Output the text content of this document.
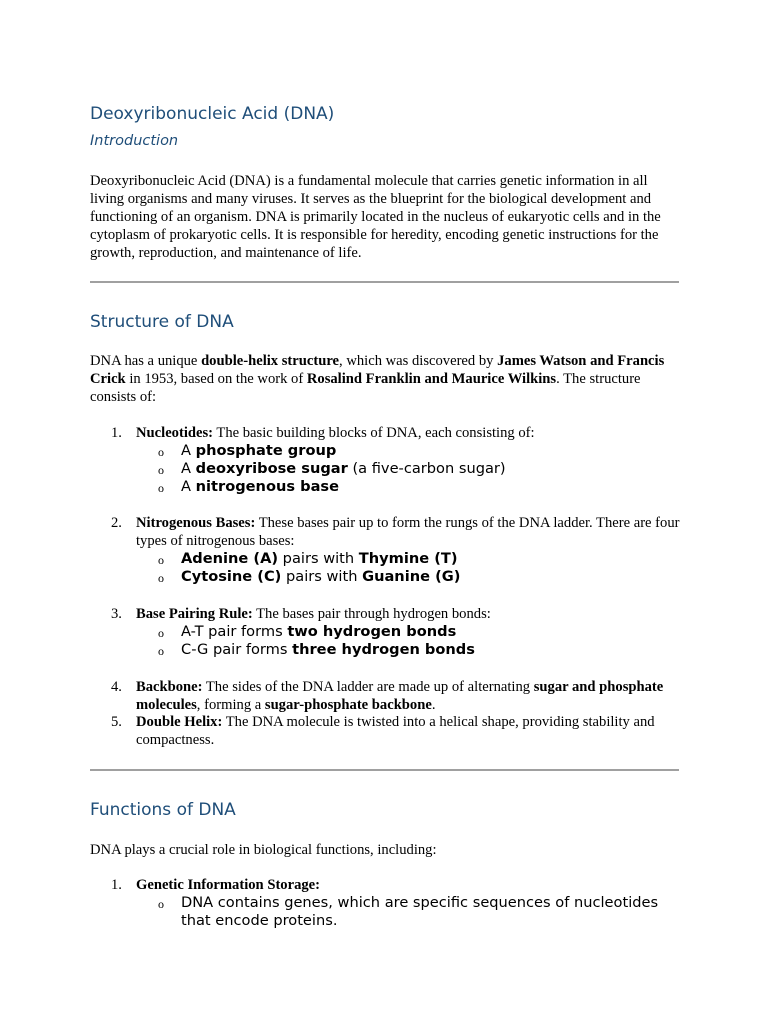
Deoxyribonucleic Acid (DNA)
Introduction

Deoxyribonucleic Acid (DNA) is a fundamental molecule that carries genetic information in all living organisms and many viruses. It serves as the blueprint for the biological development and functioning of an organism. DNA is primarily located in the nucleus of eukaryotic cells and in the cytoplasm of prokaryotic cells. It is responsible for heredity, encoding genetic instructions for the growth, reproduction, and maintenance of life.

Structure of DNA

DNA has a unique double-helix structure, which was discovered by James Watson and Francis Crick in 1953, based on the work of Rosalind Franklin and Maurice Wilkins. The structure consists of:

1. Nucleotides: The basic building blocks of DNA, each consisting of:
o A phosphate group
o A deoxyribose sugar (a five-carbon sugar)
o A nitrogenous base
2. Nitrogenous Bases: These bases pair up to form the rungs of the DNA ladder. There are four types of nitrogenous bases:
o Adenine (A) pairs with Thymine (T)
o Cytosine (C) pairs with Guanine (G)
3. Base Pairing Rule: The bases pair through hydrogen bonds:
o A-T pair forms two hydrogen bonds
o C-G pair forms three hydrogen bonds
4. Backbone: The sides of the DNA ladder are made up of alternating sugar and phosphate molecules, forming a sugar-phosphate backbone.
5. Double Helix: The DNA molecule is twisted into a helical shape, providing stability and compactness.
Functions of DNA

DNA plays a crucial role in biological functions, including:

1. Genetic Information Storage:
o DNA contains genes, which are specific sequences of nucleotides that encode proteins.
